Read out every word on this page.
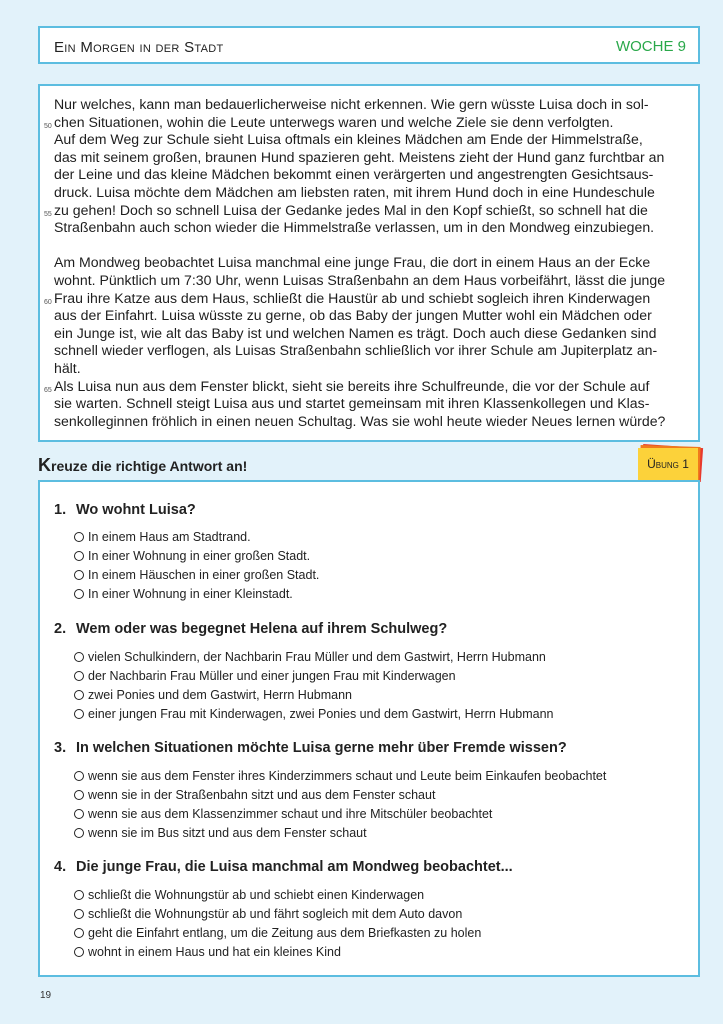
Ein Morgen in der Stadt	WOCHE 9
50
55
60
65

Nur welches, kann man bedauerlicherweise nicht erkennen. Wie gern wüsste Luisa doch in sol-

chen Situationen, wohin die Leute unterwegs waren und welche Ziele sie denn verfolgten.

Auf dem Weg zur Schule sieht Luisa oftmals ein kleines Mädchen am Ende der Himmelstraße,

das mit seinem großen, braunen Hund spazieren geht. Meistens zieht der Hund ganz furchtbar an

der Leine und das kleine Mädchen bekommt einen verärgerten und angestrengten Gesichtsaus-

druck. Luisa möchte dem Mädchen am liebsten raten, mit ihrem Hund doch in eine Hundeschule

zu gehen! Doch so schnell Luisa der Gedanke jedes Mal in den Kopf schießt, so schnell hat die

Straßenbahn auch schon wieder die Himmelstraße verlassen, um in den Mondweg einzubiegen.

Am Mondweg beobachtet Luisa manchmal eine junge Frau, die dort in einem Haus an der Ecke

wohnt. Pünktlich um 7:30 Uhr, wenn Luisas Straßenbahn an dem Haus vorbeifährt, lässt die junge

Frau ihre Katze aus dem Haus, schließt die Haustür ab und schiebt sogleich ihren Kinderwagen

aus der Einfahrt. Luisa wüsste zu gerne, ob das Baby der jungen Mutter wohl ein Mädchen oder

ein Junge ist, wie alt das Baby ist und welchen Namen es trägt. Doch auch diese Gedanken sind

schnell wieder verflogen, als Luisas Straßenbahn schließlich vor ihrer Schule am Jupiterplatz an-

hält.

Als Luisa nun aus dem Fenster blickt, sieht sie bereits ihre Schulfreunde, die vor der Schule auf

sie warten. Schnell steigt Luisa aus und startet gemeinsam mit ihren Klassenkollegen und Klas-

senkolleginnen fröhlich in einen neuen Schultag. Was sie wohl heute wieder Neues lernen würde?

Kreuze die richtige Antwort an!	Übung 1
1. Wo wohnt Luisa?
In einem Haus am Stadtrand.
In einer Wohnung in einer großen Stadt.
In einem Häuschen in einer großen Stadt.
In einer Wohnung in einer Kleinstadt.
2. Wem oder was begegnet Helena auf ihrem Schulweg?
vielen Schulkindern, der Nachbarin Frau Müller und dem Gastwirt, Herrn Hubmann
der Nachbarin Frau Müller und einer jungen Frau mit Kinderwagen
zwei Ponies und dem Gastwirt, Herrn Hubmann
einer jungen Frau mit Kinderwagen, zwei Ponies und dem Gastwirt, Herrn Hubmann
3. In welchen Situationen möchte Luisa gerne mehr über Fremde wissen?
wenn sie aus dem Fenster ihres Kinderzimmers schaut und Leute beim Einkaufen beobachtet
wenn sie in der Straßenbahn sitzt und aus dem Fenster schaut
wenn sie aus dem Klassenzimmer schaut und ihre Mitschüler beobachtet
wenn sie im Bus sitzt und aus dem Fenster schaut
4. Die junge Frau, die Luisa manchmal am Mondweg beobachtet...
schließt die Wohnungstür ab und schiebt einen Kinderwagen
schließt die Wohnungstür ab und fährt sogleich mit dem Auto davon
geht die Einfahrt entlang, um die Zeitung aus dem Briefkasten zu holen
wohnt in einem Haus und hat ein kleines Kind
19
